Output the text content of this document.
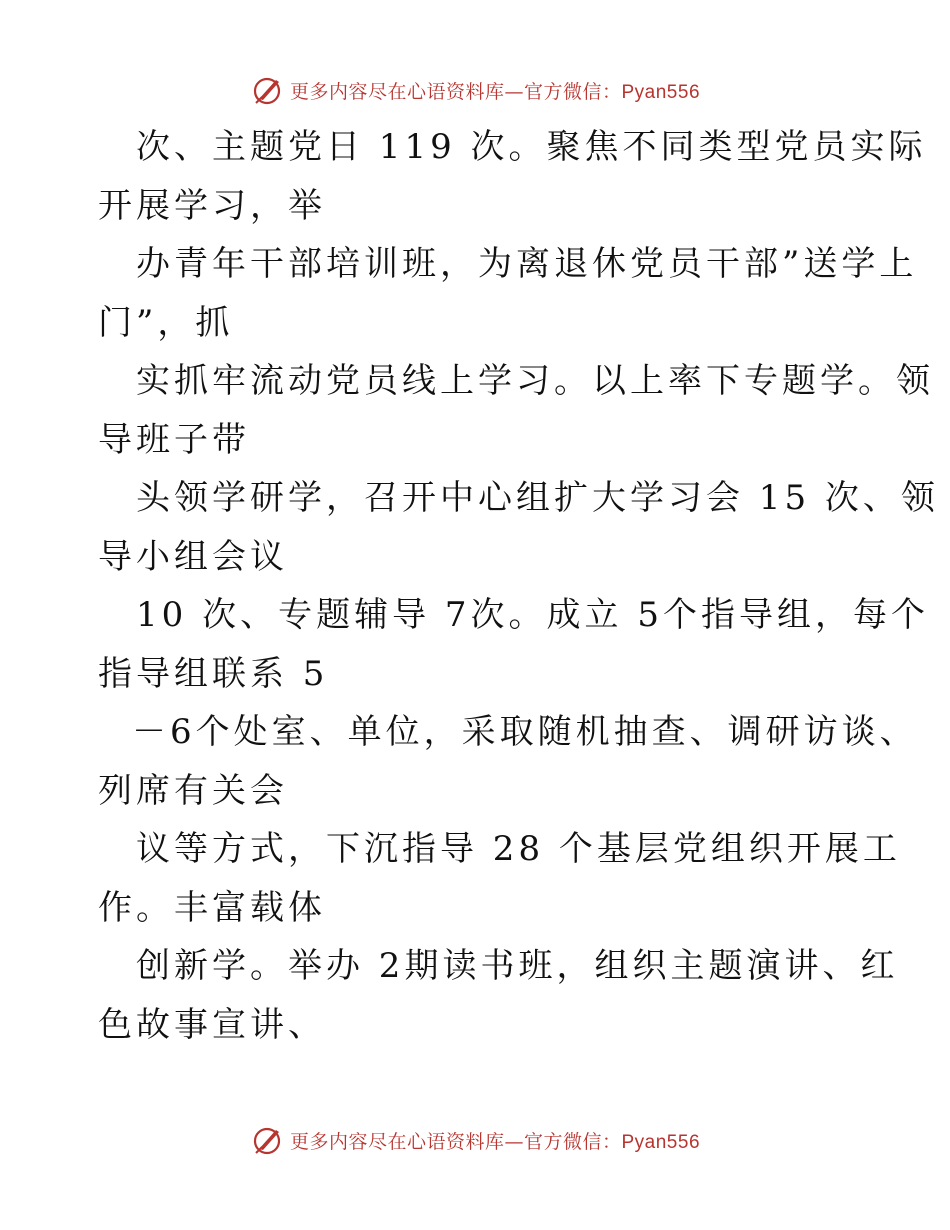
更多内容尽在心语资料库—官方微信：Pyan556
次、主题党日 119 次。聚焦不同类型党员实际
开展学习，举
办青年干部培训班，为离退休党员干部”送学上
门”，抓
实抓牢流动党员线上学习。以上率下专题学。领
导班子带
头领学研学，召开中心组扩大学习会 15 次、领
导小组会议
10 次、专题辅导 7次。成立 5个指导组，每个
指导组联系 5
－6个处室、单位，采取随机抽查、调研访谈、
列席有关会
议等方式，下沉指导 28 个基层党组织开展工
作。丰富载体
创新学。举办 2期读书班，组织主题演讲、红
色故事宣讲、
更多内容尽在心语资料库—官方微信：Pyan556
